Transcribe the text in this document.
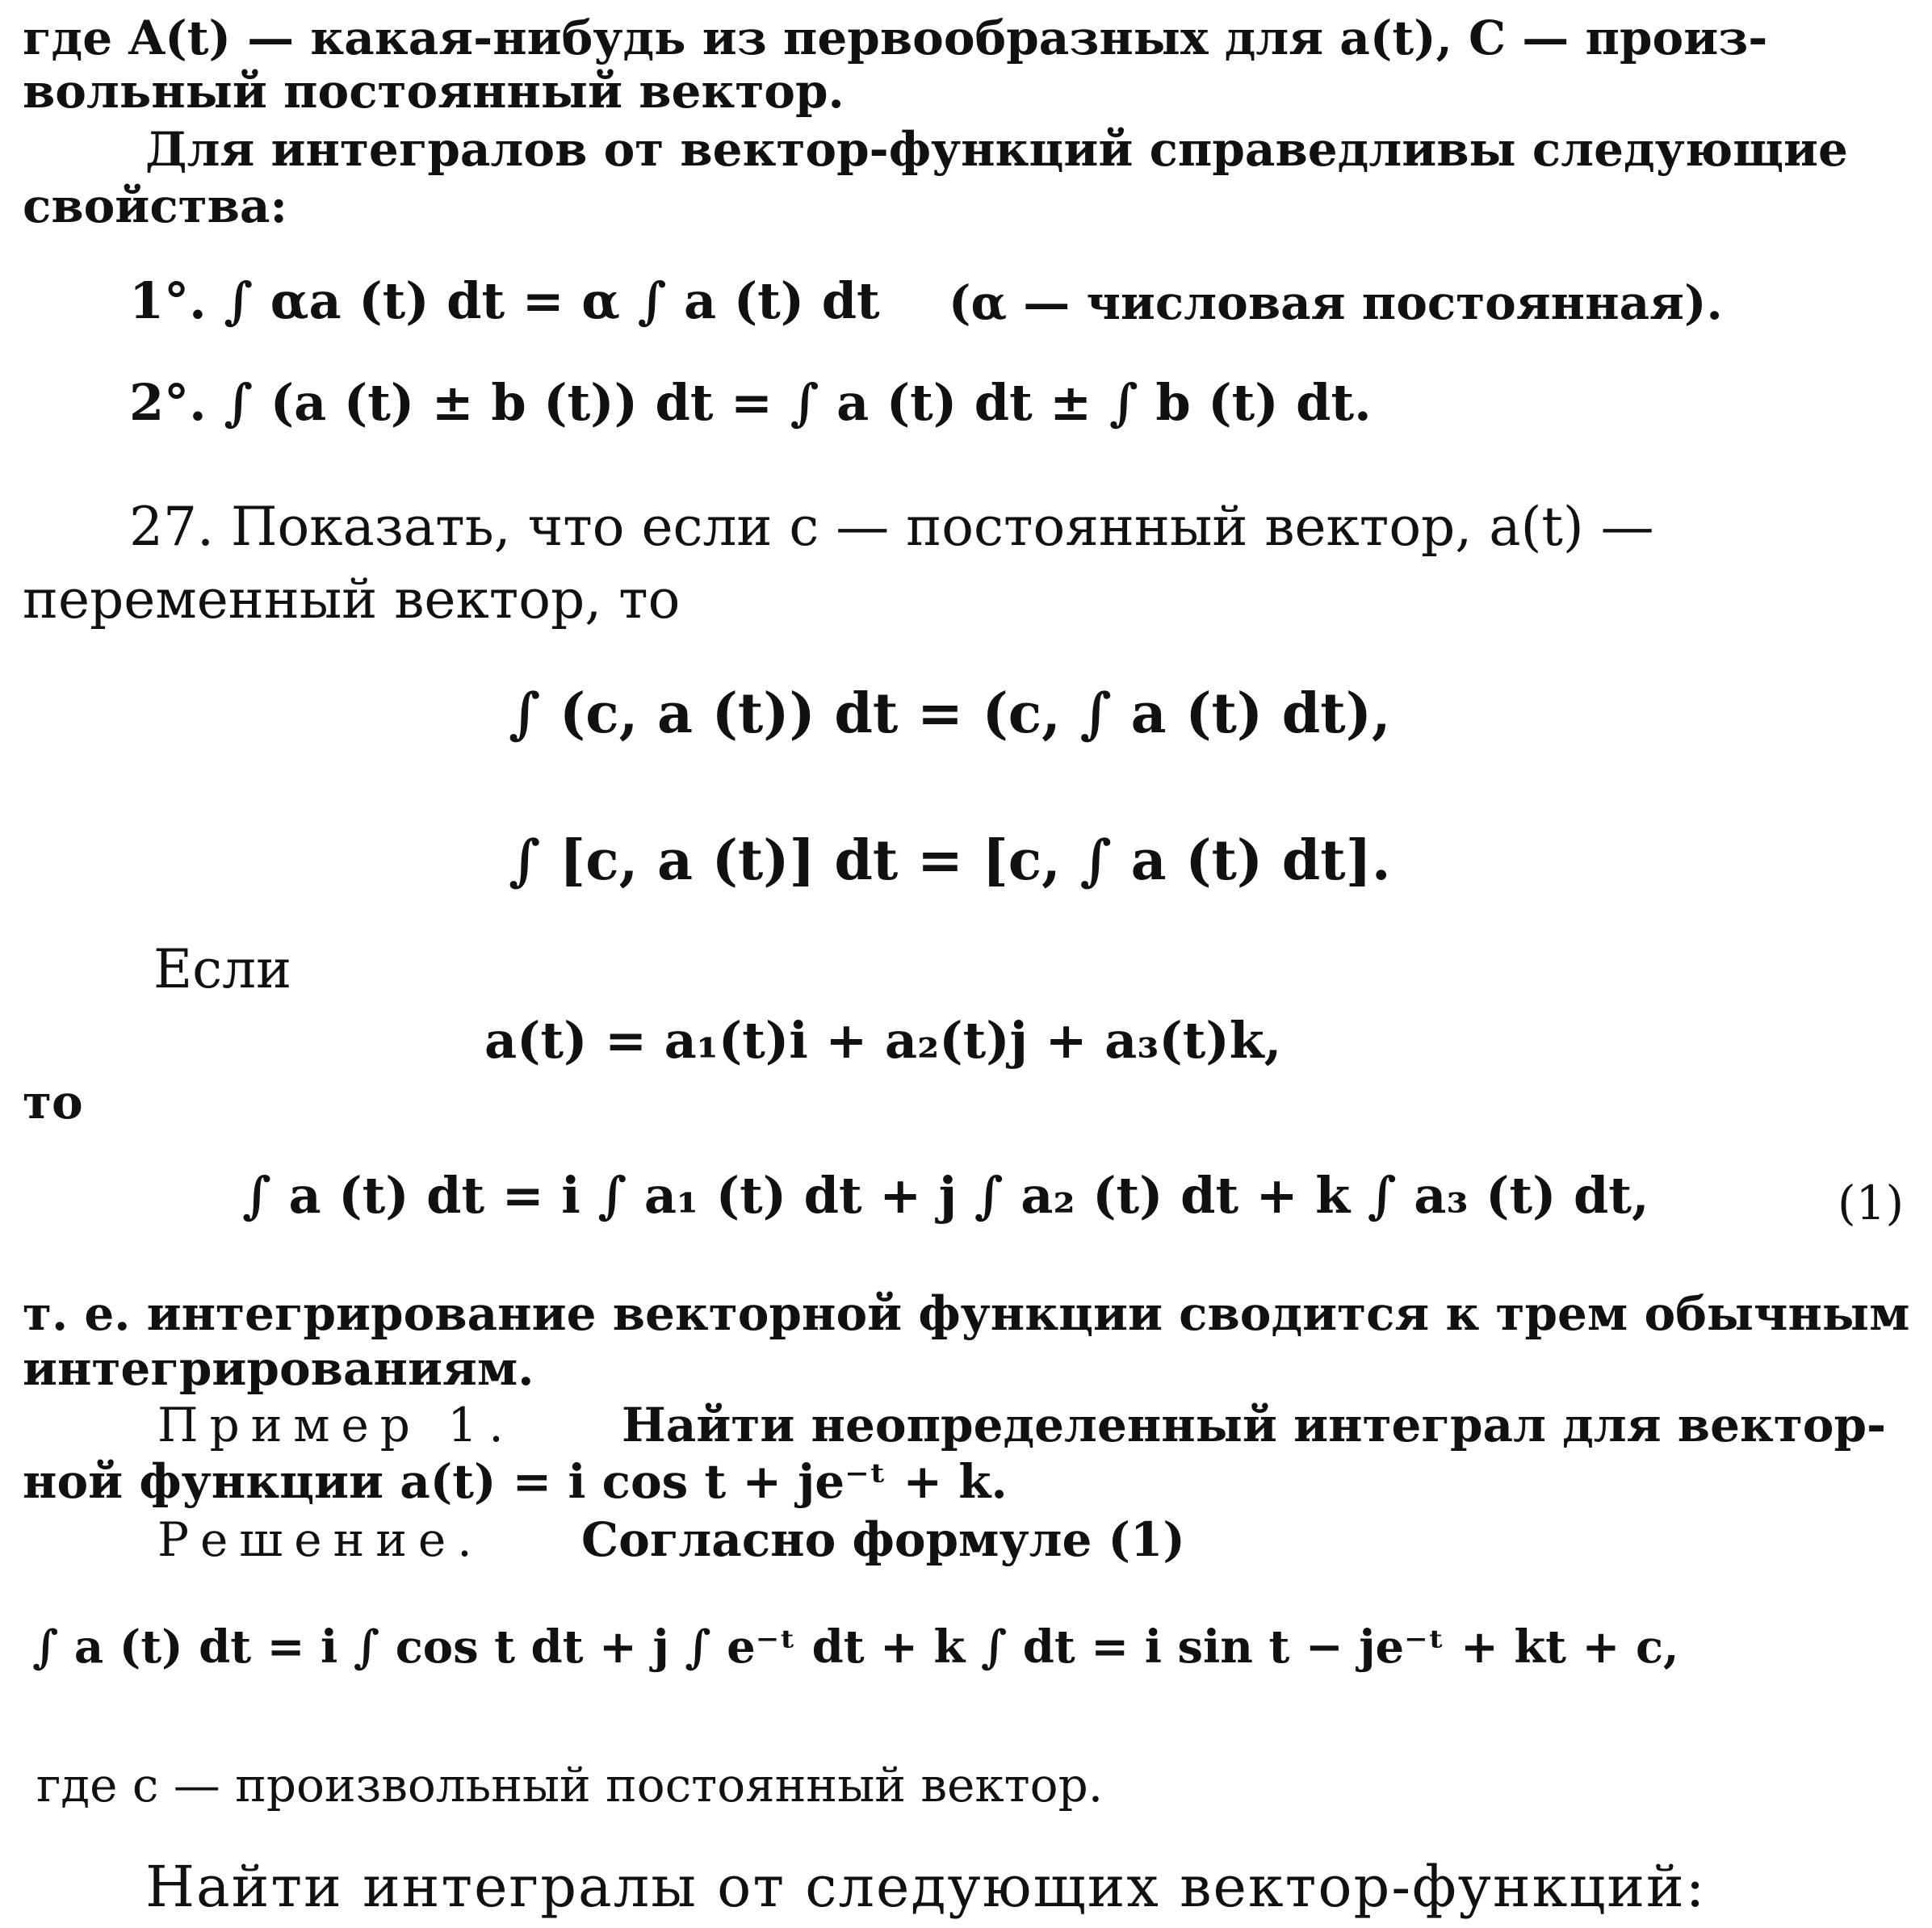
где A(t) — какая-нибудь из первообразных для a(t), C — произ-
вольный постоянный вектор.
Для интегралов от вектор-функций справедливы следующие
свойства:
1°. ∫ αa (t) dt = α ∫ a (t) dt (α — числовая постоянная).
2°. ∫ (a (t) ± b (t)) dt = ∫ a (t) dt ± ∫ b (t) dt.
27. Показать, что если c — постоянный вектор, a(t) —
переменный вектор, то
∫ (c, a (t)) dt = (c, ∫ a (t) dt),
∫ [c, a (t)] dt = [c, ∫ a (t) dt].
Если
a(t) = a₁(t)i + a₂(t)j + a₃(t)k,
то
∫ a (t) dt = i ∫ a₁ (t) dt + j ∫ a₂ (t) dt + k ∫ a₃ (t) dt,	(1)
т. е. интегрирование векторной функции сводится к трем обычным
интегрированиям.
Пример 1. Найти неопределенный интеграл для вектор-
ной функции a(t) = i cos t + je⁻ᵗ + k.
Решение. Согласно формуле (1)
∫ a (t) dt = i ∫ cos t dt + j ∫ e⁻ᵗ dt + k ∫ dt = i sin t − je⁻ᵗ + kt + c,
где c — произвольный постоянный вектор.
Найти интегралы от следующих вектор-функций:
